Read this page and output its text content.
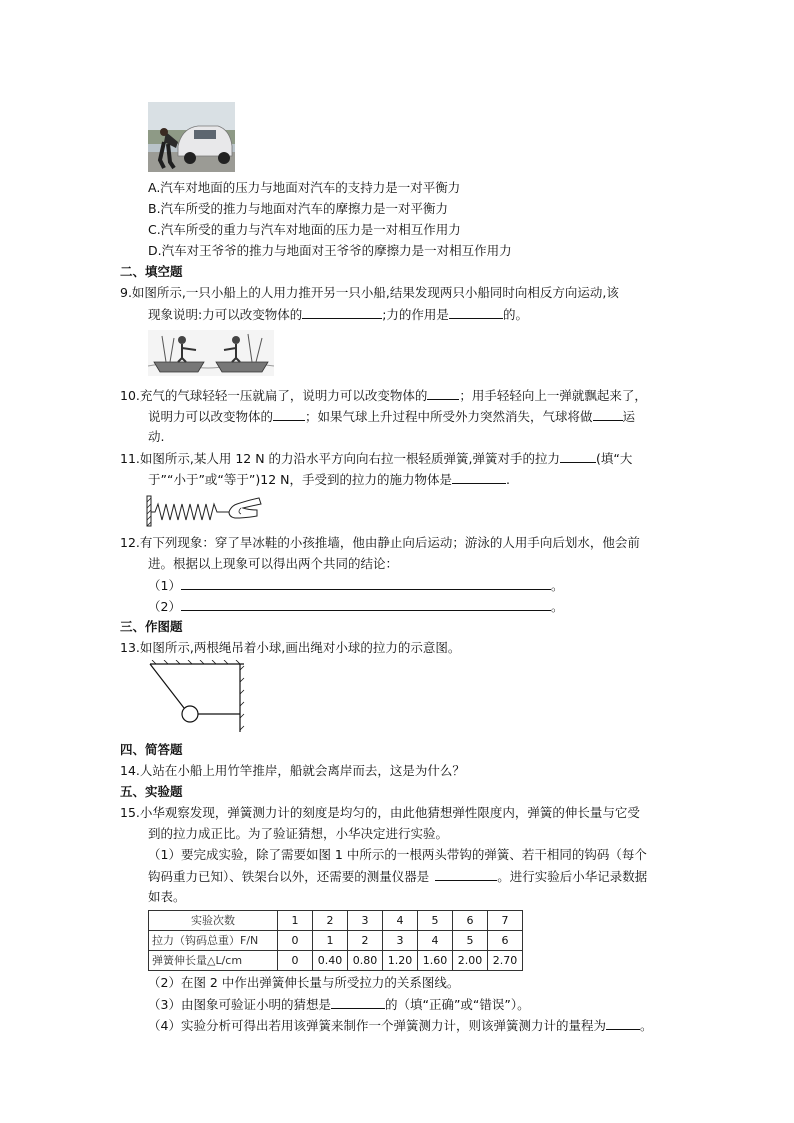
A.汽车对地面的压力与地面对汽车的支持力是一对平衡力
B.汽车所受的推力与地面对汽车的摩擦力是一对平衡力
C.汽车所受的重力与汽车对地面的压力是一对相互作用力
D.汽车对王爷爷的推力与地面对王爷爷的摩擦力是一对相互作用力
二、填空题
9.如图所示,一只小船上的人用力推开另一只小船,结果发现两只小船同时向相反方向运动,该
现象说明:力可以改变物体的	;力的作用是	的。
10.充气的气球轻轻一压就扁了，说明力可以改变物体的	；用手轻轻向上一弹就飘起来了，
说明力可以改变物体的	；如果气球上升过程中所受外力突然消失，气球将做 运
动.
11.如图所示,某人用 12 N 的力沿水平方向向右拉一根轻质弹簧,弹簧对手的拉力	(填“大
于”“小于”或“等于”)12 N，手受到的拉力的施力物体是	.
12.有下列现象：穿了旱冰鞋的小孩推墙，他由静止向后运动；游泳的人用手向后划水，他会前
进。根据以上现象可以得出两个共同的结论：
（1）	。
（2）	。
三、作图题
13.如图所示,两根绳吊着小球,画出绳对小球的拉力的示意图。
四、简答题
14.人站在小船上用竹竿推岸，船就会离岸而去，这是为什么？
五、实验题
15.小华观察发现，弹簧测力计的刻度是均匀的，由此他猜想弹性限度内，弹簧的伸长量与它受
到的拉力成正比。为了验证猜想，小华决定进行实验。
（1）要完成实验，除了需要如图 1 中所示的一根两头带钩的弹簧、若干相同的钩码（每个
钩码重力已知）、铁架台以外，还需要的测量仪器是	。进行实验后小华记录数据
如表。
实验次数	1	2	3	4	5	6	7
拉力（钩码总重）F/N	0	1	2	3	4	5	6
弹簧伸长量△L/cm	0	0.40	0.80	1.20	1.60	2.00	2.70
（2）在图 2 中作出弹簧伸长量与所受拉力的关系图线。
（3）由图象可验证小明的猜想是	的（填“正确”或“错误”）。
（4）实验分析可得出若用该弹簧来制作一个弹簧测力计，则该弹簧测力计的量程为	。
